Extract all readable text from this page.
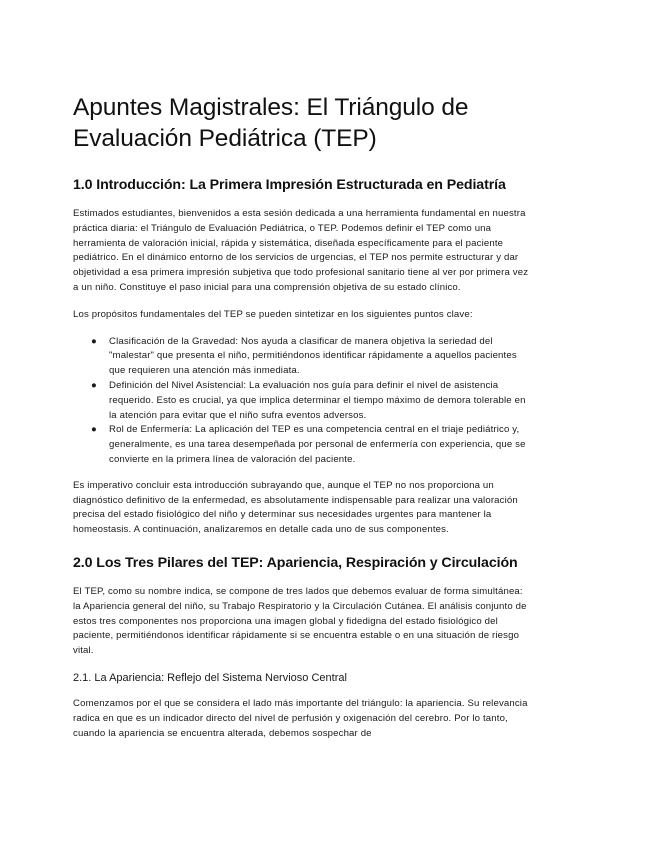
Apuntes Magistrales: El Triángulo de Evaluación Pediátrica (TEP)
1.0 Introducción: La Primera Impresión Estructurada en Pediatría

Estimados estudiantes, bienvenidos a esta sesión dedicada a una herramienta fundamental en nuestra práctica diaria: el Triángulo de Evaluación Pediátrica, o TEP. Podemos definir el TEP como una herramienta de valoración inicial, rápida y sistemática, diseñada específicamente para el paciente pediátrico. En el dinámico entorno de los servicios de urgencias, el TEP nos permite estructurar y dar objetividad a esa primera impresión subjetiva que todo profesional sanitario tiene al ver por primera vez a un niño. Constituye el paso inicial para una comprensión objetiva de su estado clínico.

Los propósitos fundamentales del TEP se pueden sintetizar en los siguientes puntos clave:

● Clasificación de la Gravedad: Nos ayuda a clasificar de manera objetiva la seriedad del "malestar" que presenta el niño, permitiéndonos identificar rápidamente a aquellos pacientes que requieren una atención más inmediata.
● Definición del Nivel Asistencial: La evaluación nos guía para definir el nivel de asistencia requerido. Esto es crucial, ya que implica determinar el tiempo máximo de demora tolerable en la atención para evitar que el niño sufra eventos adversos.
● Rol de Enfermería: La aplicación del TEP es una competencia central en el triaje pediátrico y, generalmente, es una tarea desempeñada por personal de enfermería con experiencia, que se convierte en la primera línea de valoración del paciente.

Es imperativo concluir esta introducción subrayando que, aunque el TEP no nos proporciona un diagnóstico definitivo de la enfermedad, es absolutamente indispensable para realizar una valoración precisa del estado fisiológico del niño y determinar sus necesidades urgentes para mantener la homeostasis. A continuación, analizaremos en detalle cada uno de sus componentes.

2.0 Los Tres Pilares del TEP: Apariencia, Respiración y Circulación

El TEP, como su nombre indica, se compone de tres lados que debemos evaluar de forma simultánea: la Apariencia general del niño, su Trabajo Respiratorio y la Circulación Cutánea. El análisis conjunto de estos tres componentes nos proporciona una imagen global y fidedigna del estado fisiológico del paciente, permitiéndonos identificar rápidamente si se encuentra estable o en una situación de riesgo vital.

2.1. La Apariencia: Reflejo del Sistema Nervioso Central

Comenzamos por el que se considera el lado más importante del triángulo: la apariencia. Su relevancia radica en que es un indicador directo del nivel de perfusión y oxigenación del cerebro. Por lo tanto, cuando la apariencia se encuentra alterada, debemos sospechar de
